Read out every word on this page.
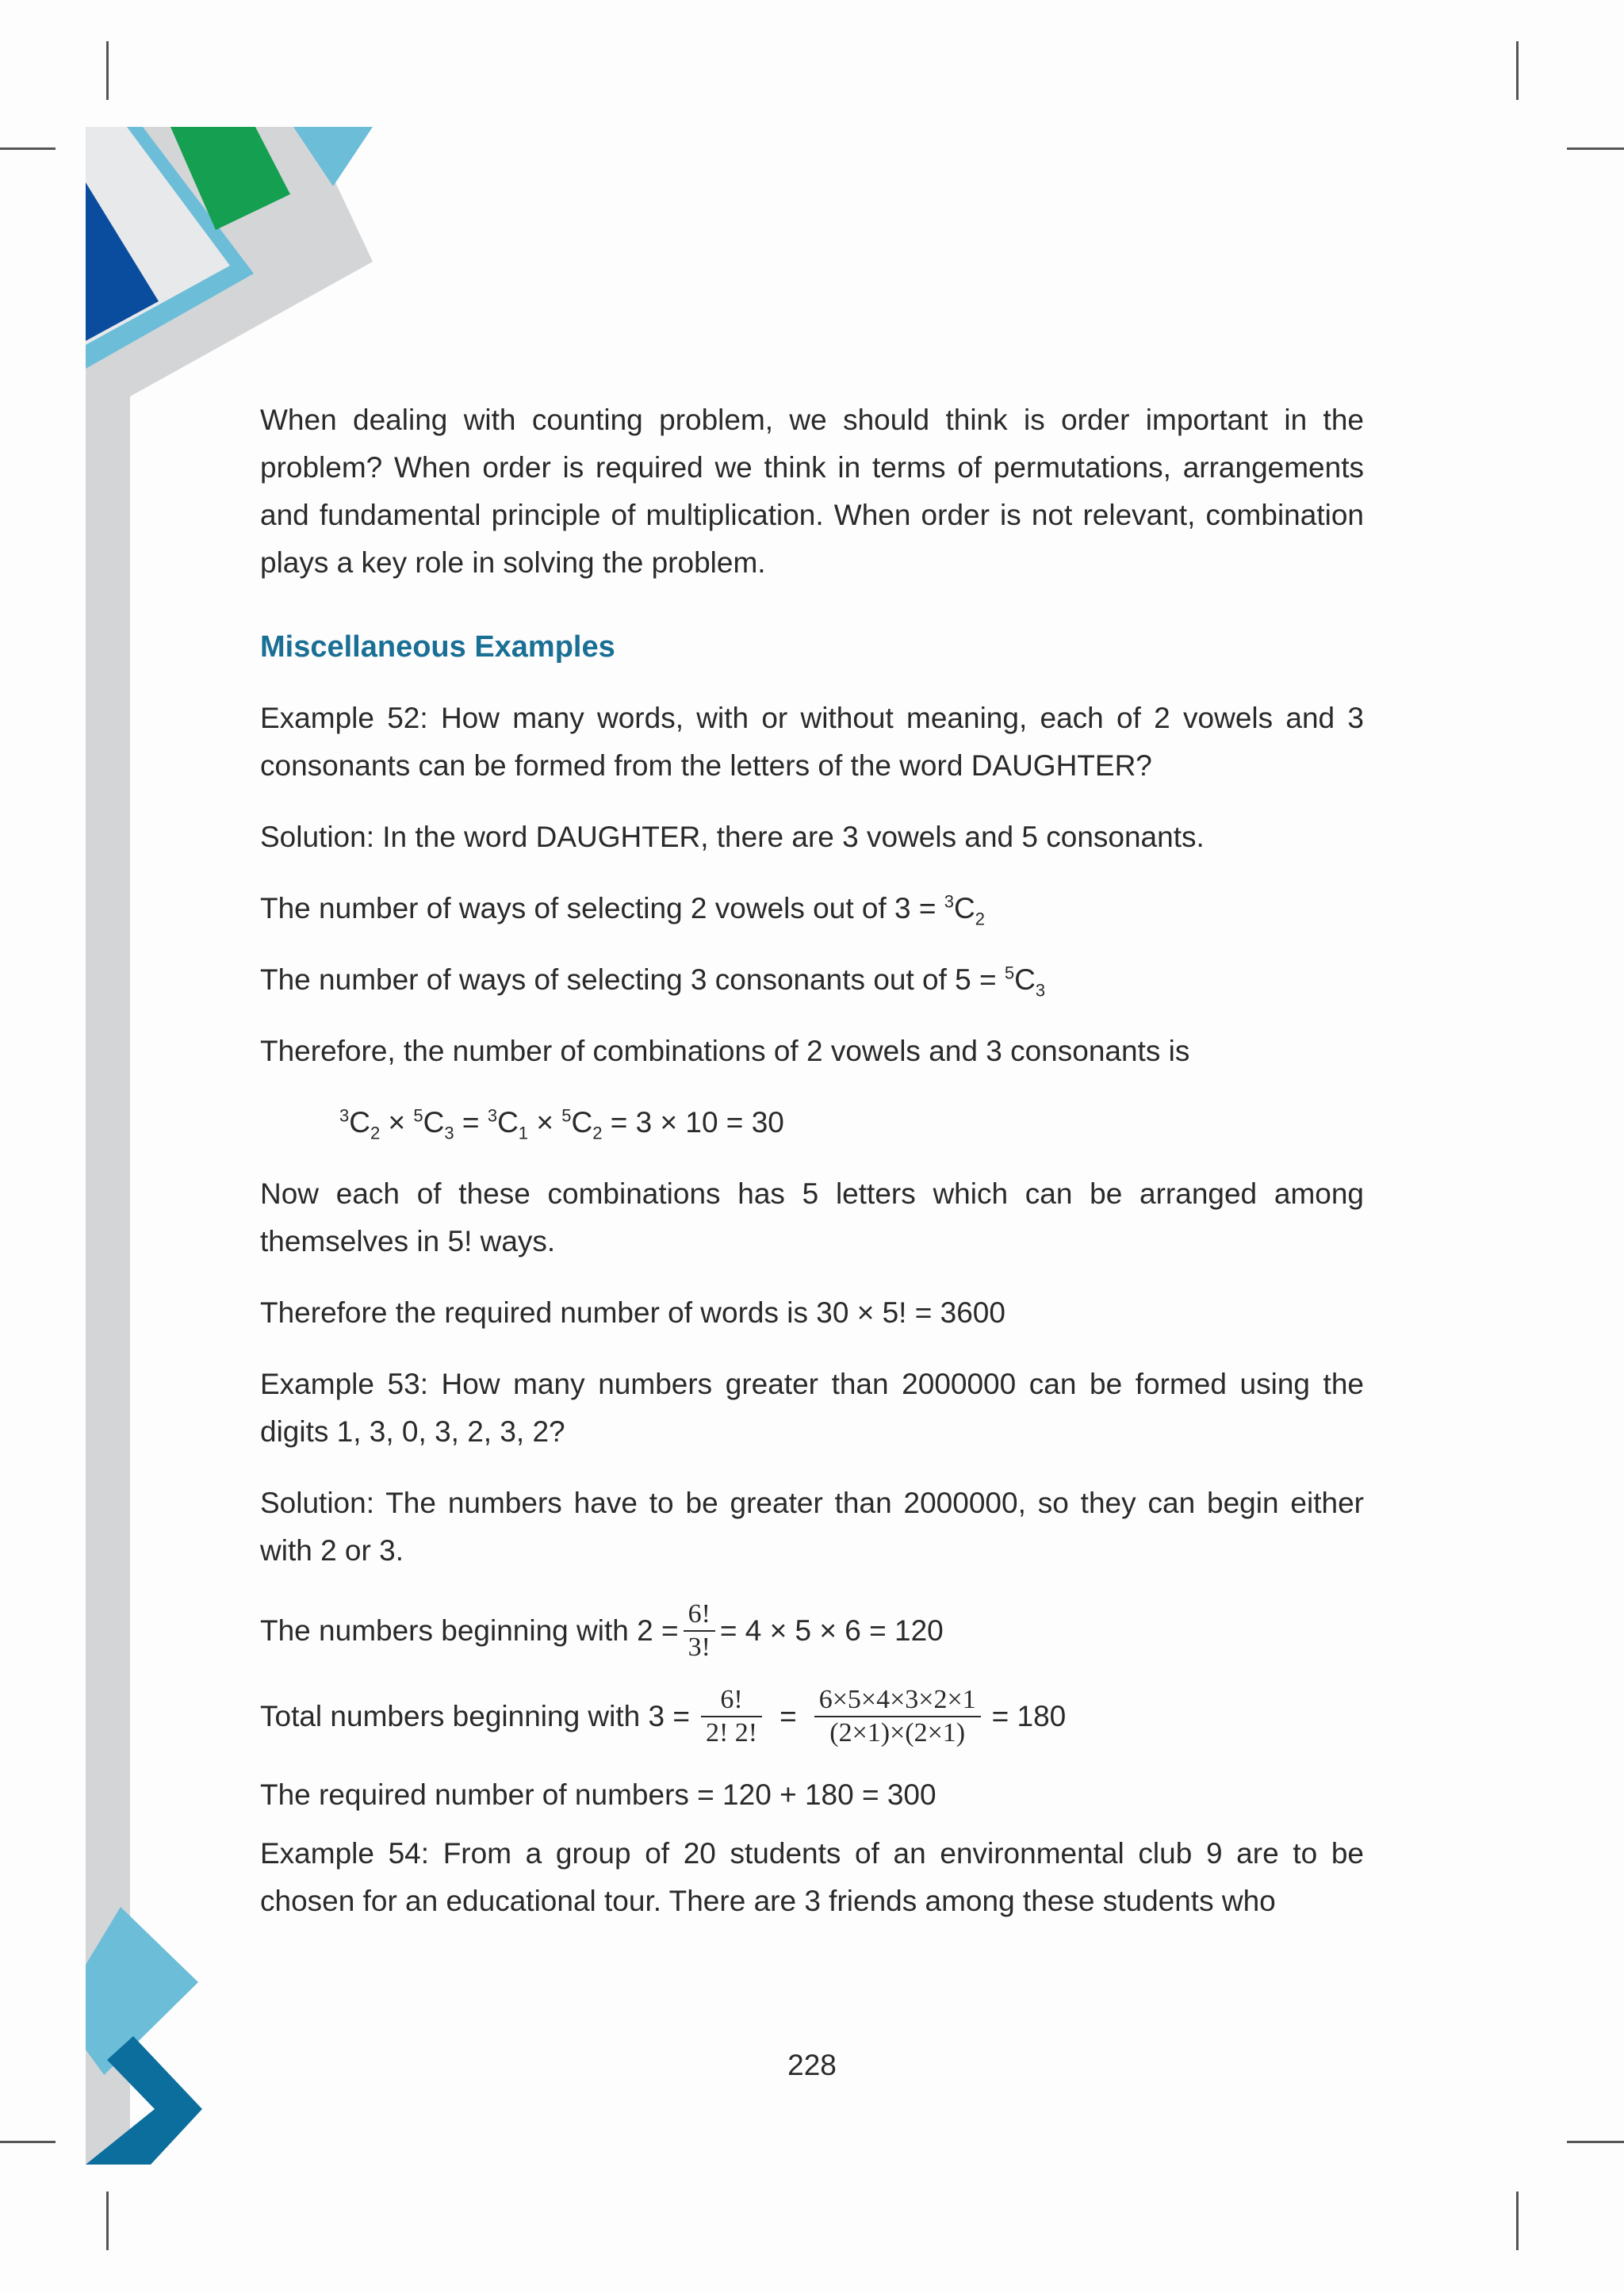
When dealing with counting problem, we should think is order important in the problem? When order is required we think in terms of permutations, arrangements and fundamental principle of multiplication. When order is not relevant, combination plays a key role in solving the problem.

Miscellaneous Examples

Example 52: How many words, with or without meaning, each of 2 vowels and 3 consonants can be formed from the letters of the word DAUGHTER?

Solution: In the word DAUGHTER, there are 3 vowels and 5 consonants.

The number of ways of selecting 2 vowels out of $3 = ^3C_2$

The number of ways of selecting 3 consonants out of $5 = ^5C_3$

Therefore, the number of combinations of 2 vowels and 3 consonants is

$^3C_2 \times ^5C_3 = ^3C_1 \times ^5C_2 = 3 \times 10 = 30$

Now each of these combinations has 5 letters which can be arranged among themselves in 5! ways.

Therefore the required number of words is 30 × 5! = 3600

Example 53: How many numbers greater than 2000000 can be formed using the digits 1, 3, 0, 3, 2, 3, 2?

Solution: The numbers have to be greater than 2000000, so they can begin either with 2 or 3.

The numbers beginning with $2 = \frac{6!}{3!} = 4 \times 5 \times 6 = 120$
Total numbers beginning with $3 = \frac{6!}{2! 2!} = \frac{6\times 5\times 4\times 3\times 2\times 1}{(2\times 1)\times(2\times 1)} = 180$

The required number of numbers = 120 + 180 = 300

Example 54: From a group of 20 students of an environmental club 9 are to be chosen for an educational tour. There are 3 friends among these students who

228
